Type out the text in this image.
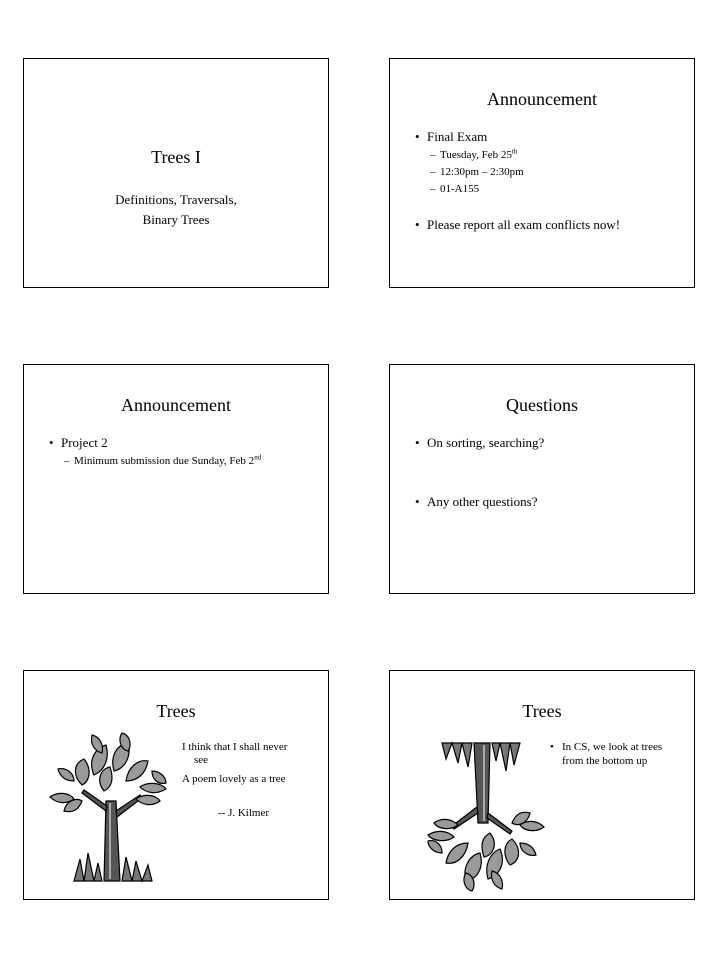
Trees I
Definitions, Traversals,
Binary Trees
Announcement
• Final Exam
– Tuesday, Feb 25th
– 12:30pm – 2:30pm
– 01-A155
• Please report all exam conflicts now!
Announcement
• Project 2
– Minimum submission due Sunday, Feb 2nd
Questions
• On sorting, searching?
• Any other questions?
Trees
I think that I shall never
see
A poem lovely as a tree
-- J. Kilmer
Trees
• In CS, we look at trees
from the bottom up
